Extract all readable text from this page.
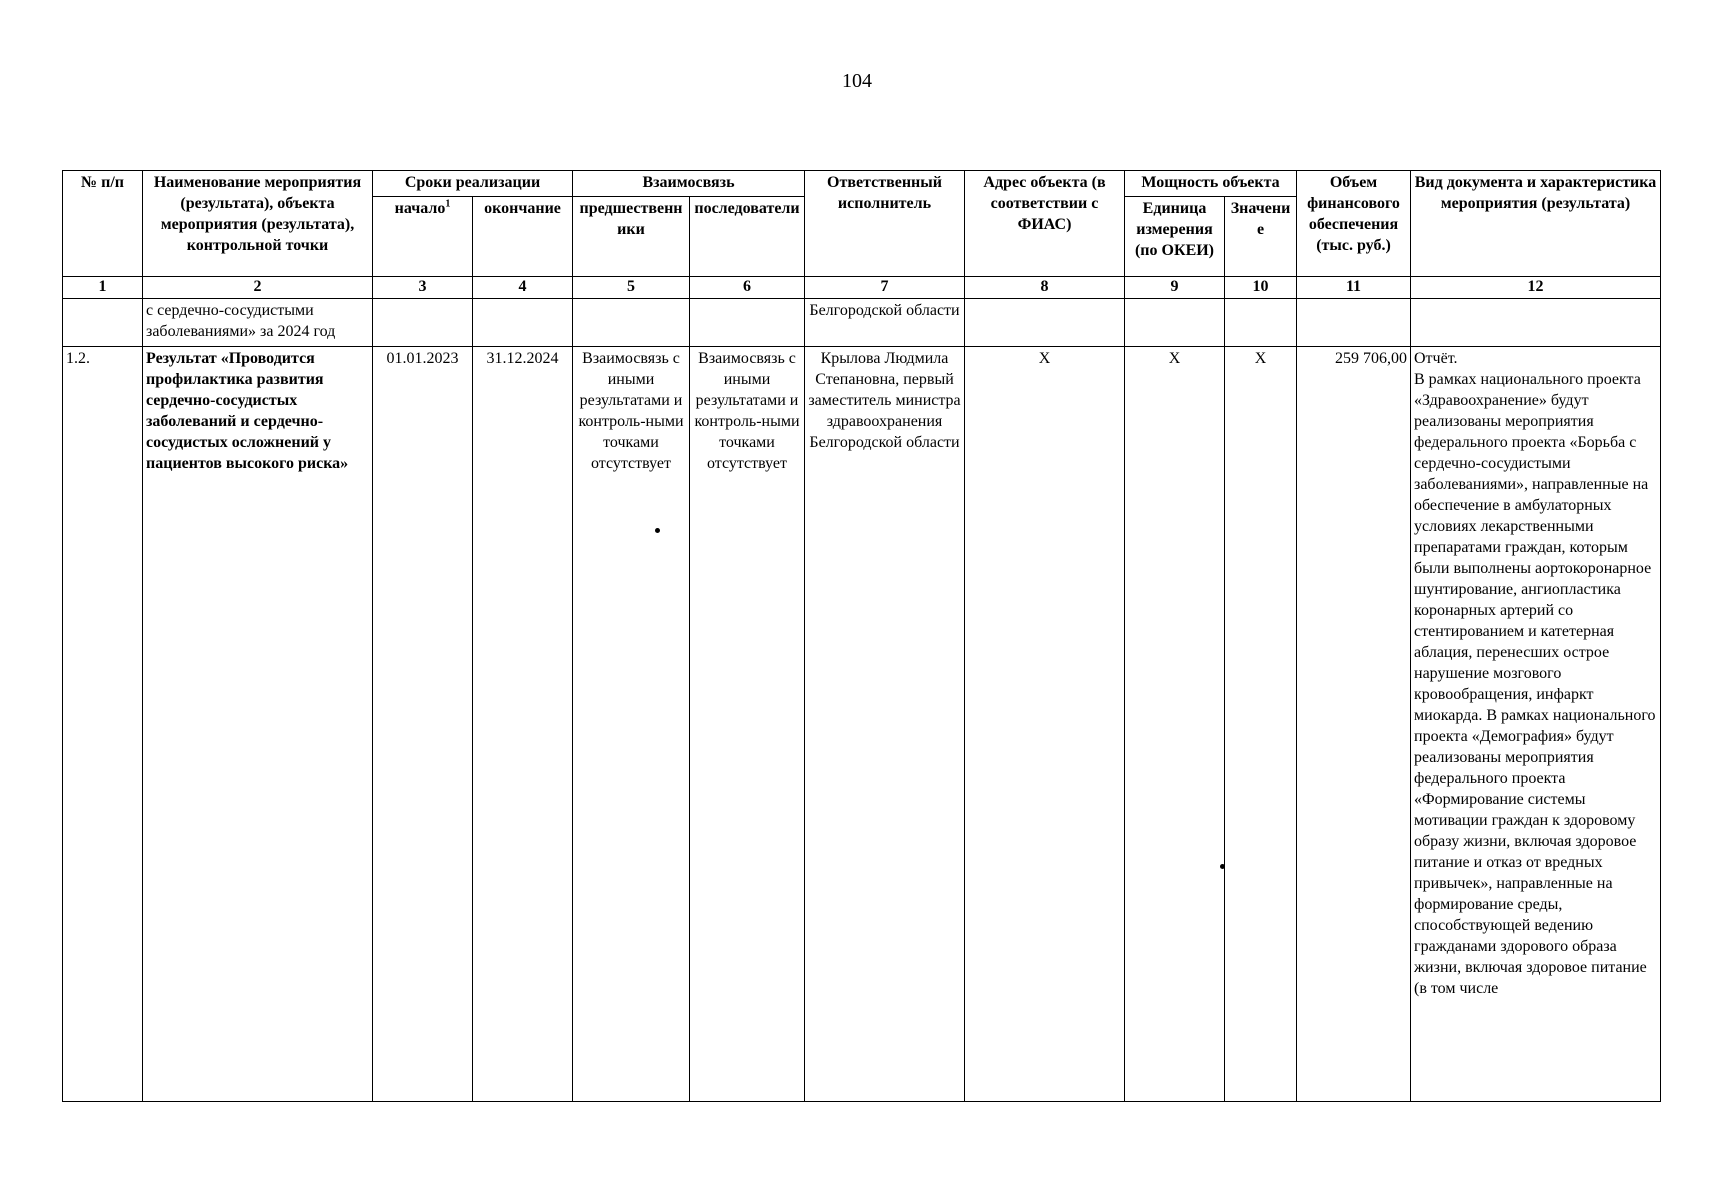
104
№ п/п	Наименование мероприятия (результата), объекта мероприятия (результата), контрольной точки	Сроки реализации		Взаимосвязь		Ответственный исполнитель	Адрес объекта (в соответствии с ФИАС)	Мощность объекта		Объем финансового обеспечения (тыс. руб.)	Вид документа и характеристика мероприятия (результата)
		начало$^1$	окончание	предшественники	последователи			Единица измерения (по ОКЕИ)	Значение		
1	2	3	4	5	6	7	8	9	10	11	12
	с сердечно-сосудистыми заболеваниями» за 2024 год					Белгородской области					
1.2.	Результат «Проводится профилактика развития сердечно-сосудистых заболеваний и сердечно-сосудистых осложнений у пациентов высокого риска»	01.01.2023	31.12.2024	Взаимосвязь с иными результатами и контроль-ными точками отсутствует	Взаимосвязь с иными результатами и контроль-ными точками отсутствует	Крылова Людмила Степановна, первый заместитель министра здравоохранения Белгородской области	X	X	X	259 706,00	Отчёт.
В рамках национального проекта «Здравоохранение» будут реализованы мероприятия федерального проекта «Борьба с сердечно-сосудистыми заболеваниями», направленные на обеспечение в амбулаторных условиях лекарственными препаратами граждан, которым были выполнены аортокоронарное шунтирование, ангиопластика коронарных артерий со стентированием и катетерная аблация, перенесших острое нарушение мозгового кровообращения, инфаркт миокарда. В рамках национального проекта «Демография» будут реализованы мероприятия федерального проекта «Формирование системы мотивации граждан к здоровому образу жизни, включая здоровое питание и отказ от вредных привычек», направленные на формирование среды, способствующей ведению гражданами здорового образа жизни, включая здоровое питание (в том числе
